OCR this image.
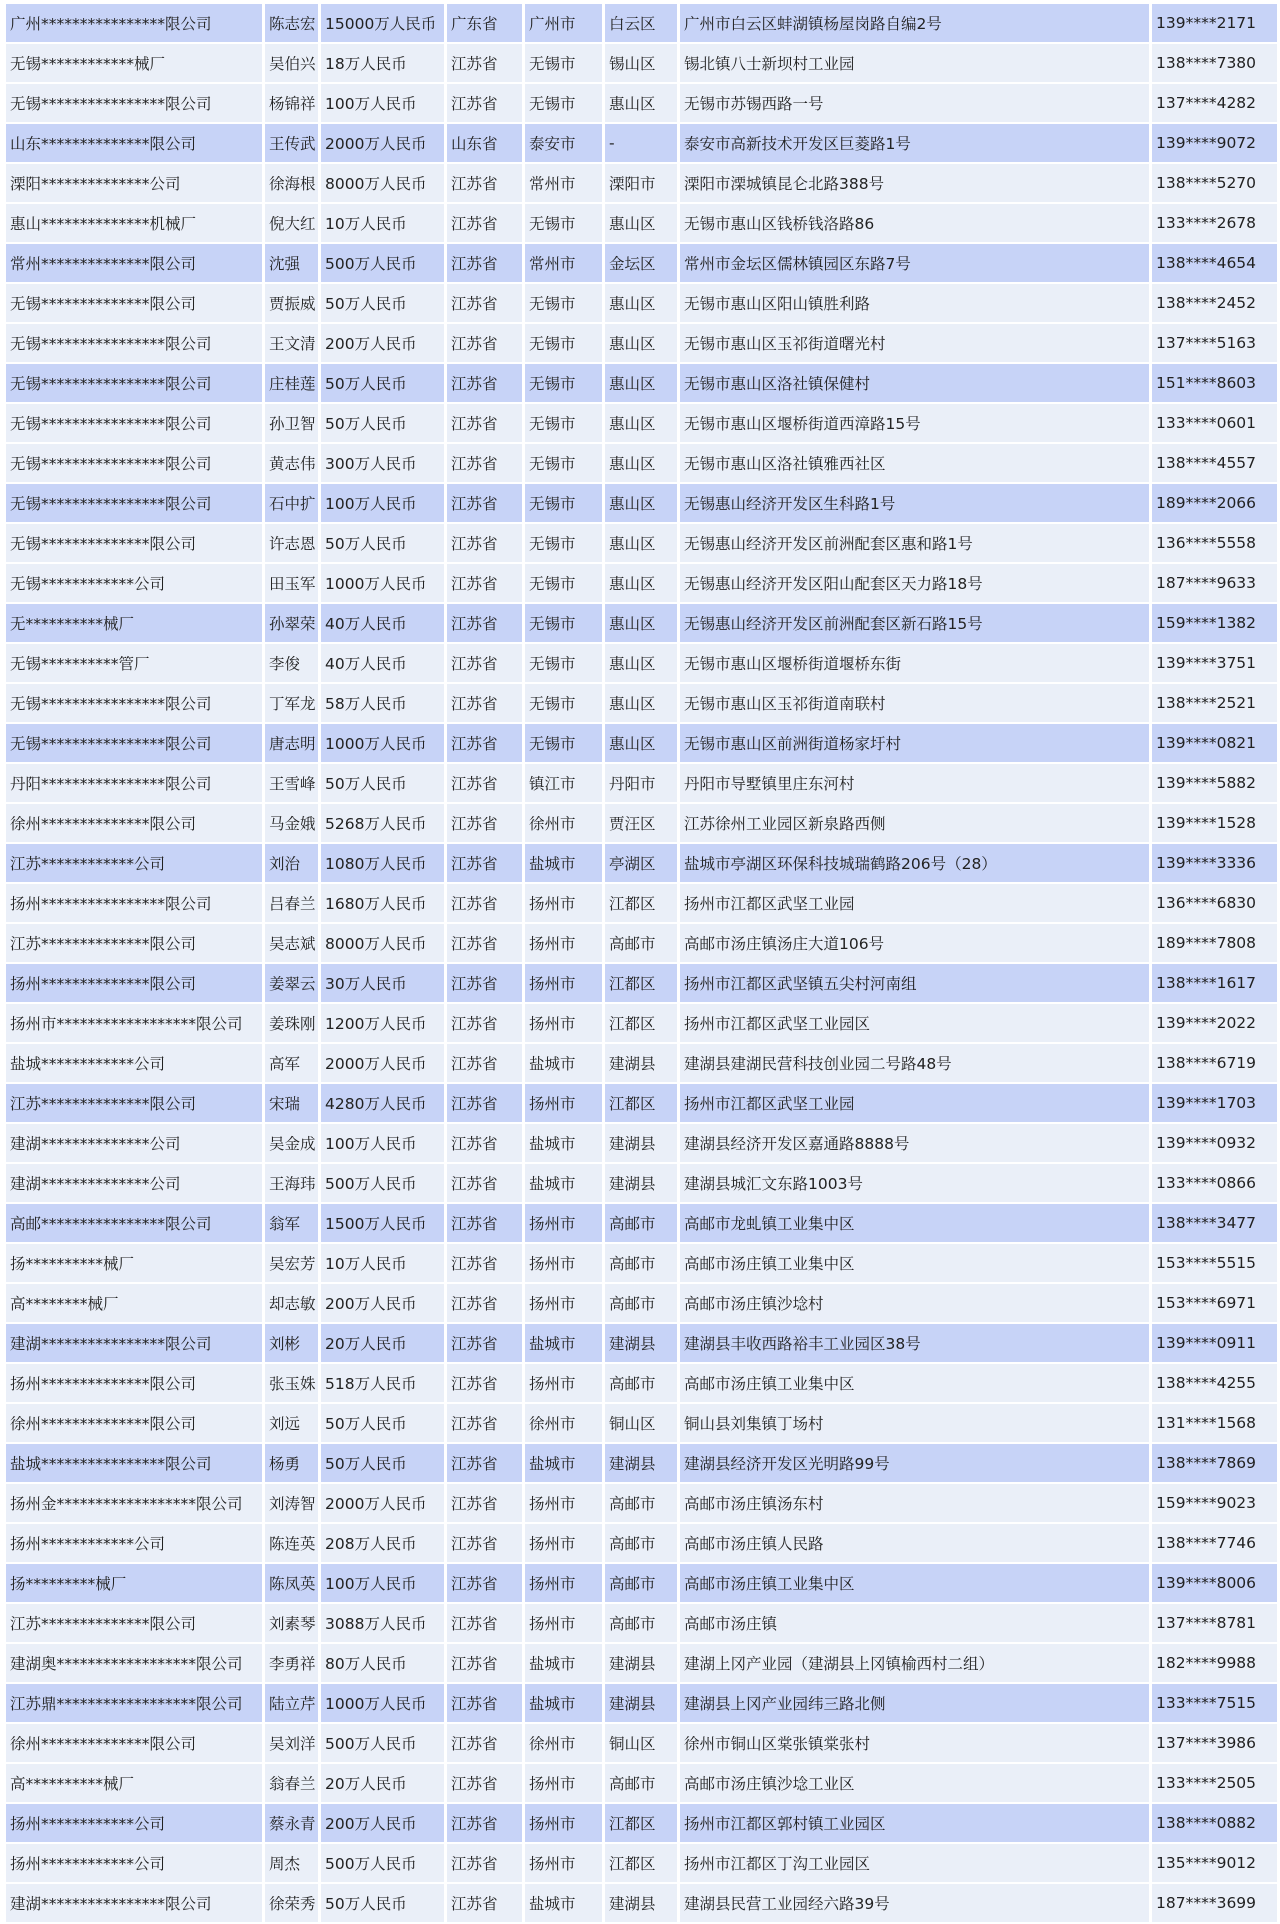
广州****************限公司	陈志宏	15000万人民币	广东省	广州市	白云区	广州市白云区蚌湖镇杨屋岗路自编2号	139****2171
无锡************械厂	吴伯兴	18万人民币	江苏省	无锡市	锡山区	锡北镇八士新坝村工业园	138****7380
无锡****************限公司	杨锦祥	100万人民币	江苏省	无锡市	惠山区	无锡市苏锡西路一号	137****4282
山东**************限公司	王传武	2000万人民币	山东省	泰安市	-	泰安市高新技术开发区巨菱路1号	139****9072
溧阳**************公司	徐海根	8000万人民币	江苏省	常州市	溧阳市	溧阳市溧城镇昆仑北路388号	138****5270
惠山**************机械厂	倪大红	10万人民币	江苏省	无锡市	惠山区	无锡市惠山区钱桥钱洛路86	133****2678
常州**************限公司	沈强	500万人民币	江苏省	常州市	金坛区	常州市金坛区儒林镇园区东路7号	138****4654
无锡**************限公司	贾振威	50万人民币	江苏省	无锡市	惠山区	无锡市惠山区阳山镇胜利路	138****2452
无锡****************限公司	王文清	200万人民币	江苏省	无锡市	惠山区	无锡市惠山区玉祁街道曙光村	137****5163
无锡****************限公司	庄桂莲	50万人民币	江苏省	无锡市	惠山区	无锡市惠山区洛社镇保健村	151****8603
无锡****************限公司	孙卫智	50万人民币	江苏省	无锡市	惠山区	无锡市惠山区堰桥街道西漳路15号	133****0601
无锡****************限公司	黄志伟	300万人民币	江苏省	无锡市	惠山区	无锡市惠山区洛社镇雅西社区	138****4557
无锡****************限公司	石中扩	100万人民币	江苏省	无锡市	惠山区	无锡惠山经济开发区生科路1号	189****2066
无锡**************限公司	许志恩	50万人民币	江苏省	无锡市	惠山区	无锡惠山经济开发区前洲配套区惠和路1号	136****5558
无锡************公司	田玉军	1000万人民币	江苏省	无锡市	惠山区	无锡惠山经济开发区阳山配套区天力路18号	187****9633
无**********械厂	孙翠荣	40万人民币	江苏省	无锡市	惠山区	无锡惠山经济开发区前洲配套区新石路15号	159****1382
无锡**********管厂	李俊	40万人民币	江苏省	无锡市	惠山区	无锡市惠山区堰桥街道堰桥东街	139****3751
无锡****************限公司	丁军龙	58万人民币	江苏省	无锡市	惠山区	无锡市惠山区玉祁街道南联村	138****2521
无锡****************限公司	唐志明	1000万人民币	江苏省	无锡市	惠山区	无锡市惠山区前洲街道杨家圩村	139****0821
丹阳****************限公司	王雪峰	50万人民币	江苏省	镇江市	丹阳市	丹阳市导墅镇里庄东河村	139****5882
徐州**************限公司	马金娥	5268万人民币	江苏省	徐州市	贾汪区	江苏徐州工业园区新泉路西侧	139****1528
江苏************公司	刘治	1080万人民币	江苏省	盐城市	亭湖区	盐城市亭湖区环保科技城瑞鹤路206号（28）	139****3336
扬州****************限公司	吕春兰	1680万人民币	江苏省	扬州市	江都区	扬州市江都区武坚工业园	136****6830
江苏**************限公司	吴志斌	8000万人民币	江苏省	扬州市	高邮市	高邮市汤庄镇汤庄大道106号	189****7808
扬州**************限公司	姜翠云	30万人民币	江苏省	扬州市	江都区	扬州市江都区武坚镇五尖村河南组	138****1617
扬州市******************限公司	姜珠刚	1200万人民币	江苏省	扬州市	江都区	扬州市江都区武坚工业园区	139****2022
盐城************公司	高军	2000万人民币	江苏省	盐城市	建湖县	建湖县建湖民营科技创业园二号路48号	138****6719
江苏**************限公司	宋瑞	4280万人民币	江苏省	扬州市	江都区	扬州市江都区武坚工业园	139****1703
建湖**************公司	吴金成	100万人民币	江苏省	盐城市	建湖县	建湖县经济开发区嘉通路8888号	139****0932
建湖**************公司	王海玮	500万人民币	江苏省	盐城市	建湖县	建湖县城汇文东路1003号	133****0866
高邮****************限公司	翁军	1500万人民币	江苏省	扬州市	高邮市	高邮市龙虬镇工业集中区	138****3477
扬**********械厂	吴宏芳	10万人民币	江苏省	扬州市	高邮市	高邮市汤庄镇工业集中区	153****5515
高********械厂	却志敏	200万人民币	江苏省	扬州市	高邮市	高邮市汤庄镇沙埝村	153****6971
建湖****************限公司	刘彬	20万人民币	江苏省	盐城市	建湖县	建湖县丰收西路裕丰工业园区38号	139****0911
扬州**************限公司	张玉姝	518万人民币	江苏省	扬州市	高邮市	高邮市汤庄镇工业集中区	138****4255
徐州**************限公司	刘远	50万人民币	江苏省	徐州市	铜山区	铜山县刘集镇丁场村	131****1568
盐城****************限公司	杨勇	50万人民币	江苏省	盐城市	建湖县	建湖县经济开发区光明路99号	138****7869
扬州金******************限公司	刘涛智	2000万人民币	江苏省	扬州市	高邮市	高邮市汤庄镇汤东村	159****9023
扬州************公司	陈连英	208万人民币	江苏省	扬州市	高邮市	高邮市汤庄镇人民路	138****7746
扬*********械厂	陈凤英	100万人民币	江苏省	扬州市	高邮市	高邮市汤庄镇工业集中区	139****8006
江苏**************限公司	刘素琴	3088万人民币	江苏省	扬州市	高邮市	高邮市汤庄镇	137****8781
建湖奥******************限公司	李勇祥	80万人民币	江苏省	盐城市	建湖县	建湖上冈产业园（建湖县上冈镇榆西村二组）	182****9988
江苏鼎******************限公司	陆立芹	1000万人民币	江苏省	盐城市	建湖县	建湖县上冈产业园纬三路北侧	133****7515
徐州**************限公司	吴刘洋	500万人民币	江苏省	徐州市	铜山区	徐州市铜山区棠张镇棠张村	137****3986
高**********械厂	翁春兰	20万人民币	江苏省	扬州市	高邮市	高邮市汤庄镇沙埝工业区	133****2505
扬州************公司	蔡永青	200万人民币	江苏省	扬州市	江都区	扬州市江都区郭村镇工业园区	138****0882
扬州************公司	周杰	500万人民币	江苏省	扬州市	江都区	扬州市江都区丁沟工业园区	135****9012
建湖****************限公司	徐荣秀	50万人民币	江苏省	盐城市	建湖县	建湖县民营工业园经六路39号	187****3699
